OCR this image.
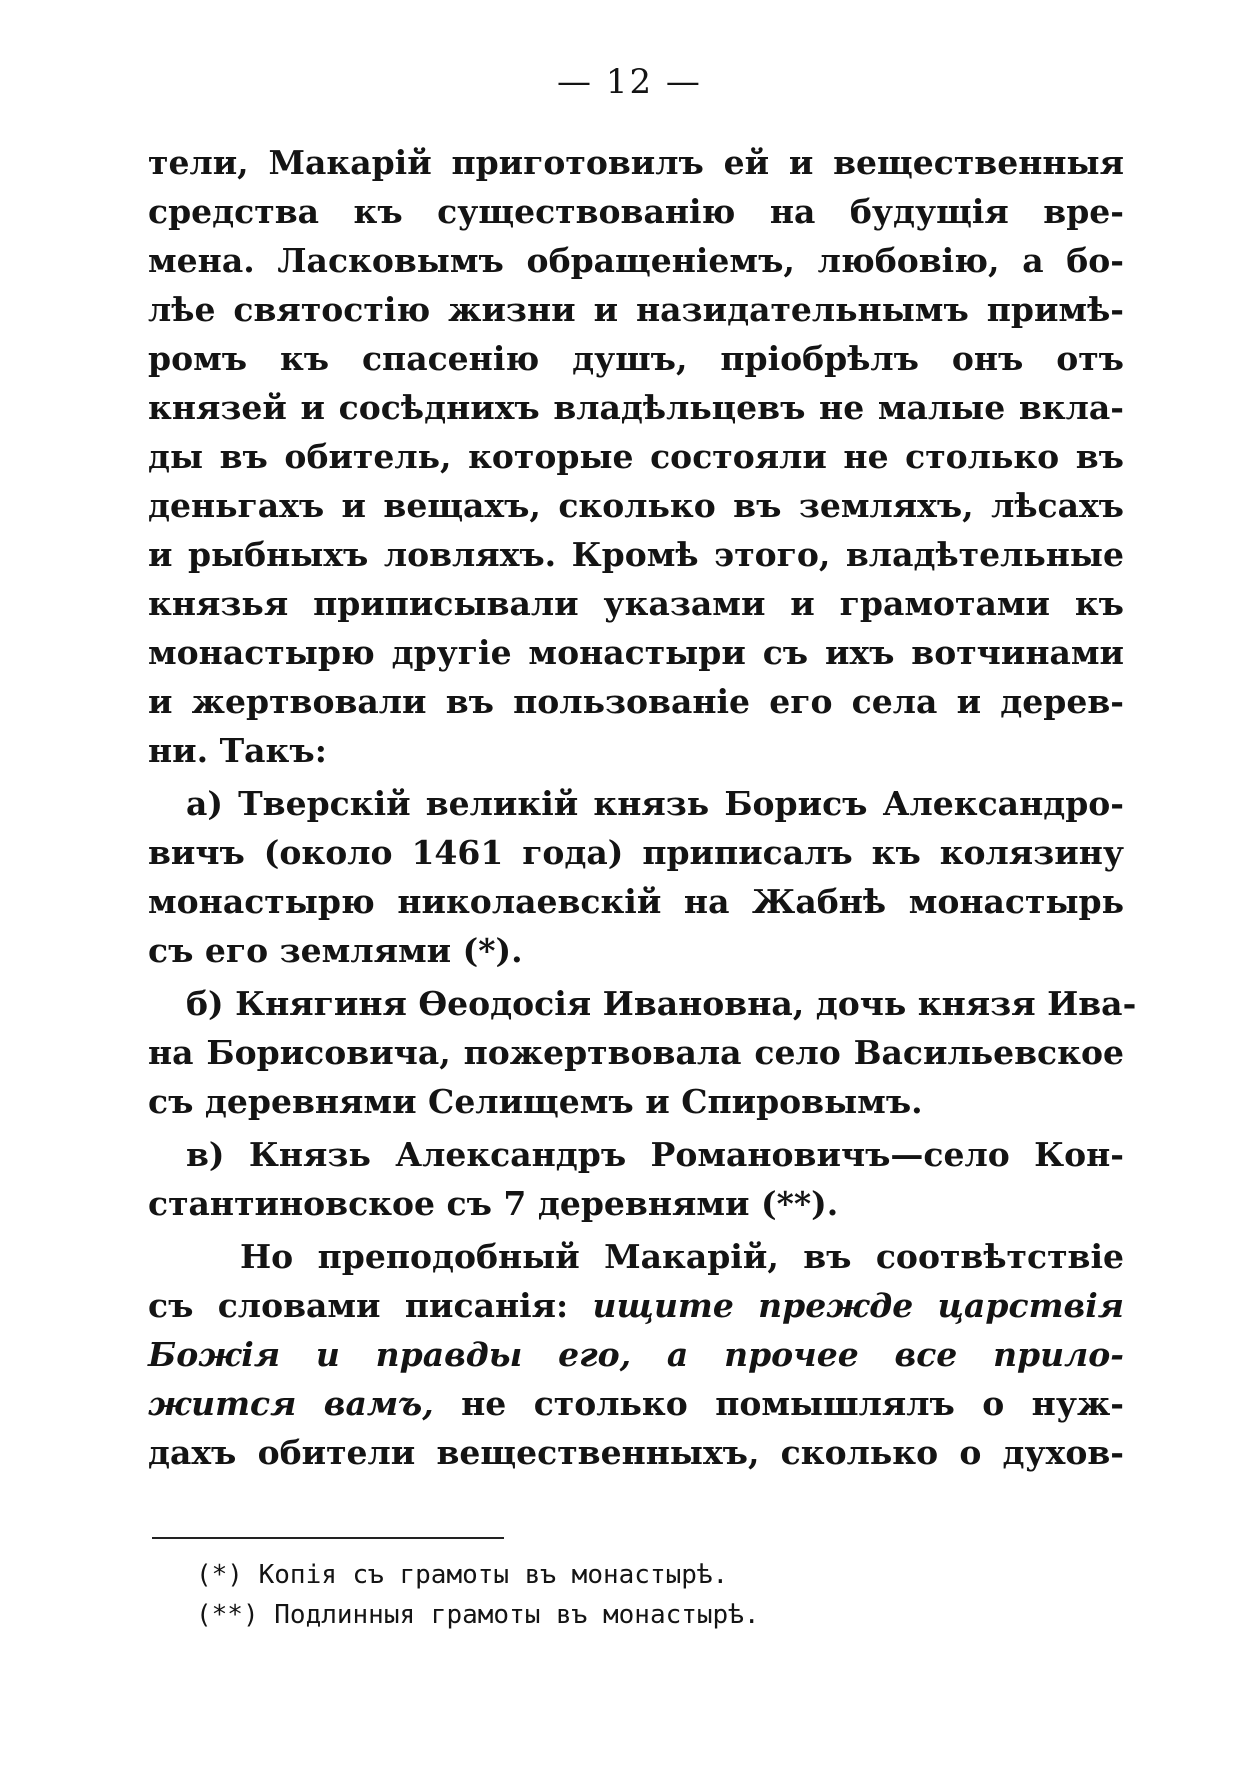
— 12 —
тели, Макарій приготовилъ ей и вещественныя
средства къ существованію на будущія вре-
мена. Ласковымъ обращеніемъ, любовію, а бо-
лѣе святостію жизни и назидательнымъ примѣ-
ромъ къ спасенію душъ, пріобрѣлъ онъ отъ
князей и сосѣднихъ владѣльцевъ не малые вкла-
ды въ обитель, которые состояли не столько въ
деньгахъ и вещахъ, сколько въ земляхъ, лѣсахъ
и рыбныхъ ловляхъ. Кромѣ этого, владѣтельные
князья приписывали указами и грамотами къ
монастырю другіе монастыри съ ихъ вотчинами
и жертвовали въ пользованіе его села и дерев-
ни. Такъ:
а) Тверскій великій князь Борисъ Александро-
вичъ (около 1461 года) приписалъ къ колязину
монастырю николаевскій на Жабнѣ монастырь
съ его землями (*).
б) Княгиня Ѳеодосія Ивановна, дочь князя Ива-
на Борисовича, пожертвовала село Васильевское
съ деревнями Селищемъ и Спировымъ.
в) Князь Александръ Романовичъ—село Кон-
стантиновское съ 7 деревнями (**).
Но преподобный Макарій, въ соотвѣтствіе
съ словами писанія: ищите прежде царствія
Божія и правды его, а прочее все прило-
жится вамъ, не столько помышлялъ о нуж-
дахъ обители вещественныхъ, сколько о духов-
(*) Копія съ грамоты въ монастырѣ.
(**) Подлинныя грамоты въ монастырѣ.
